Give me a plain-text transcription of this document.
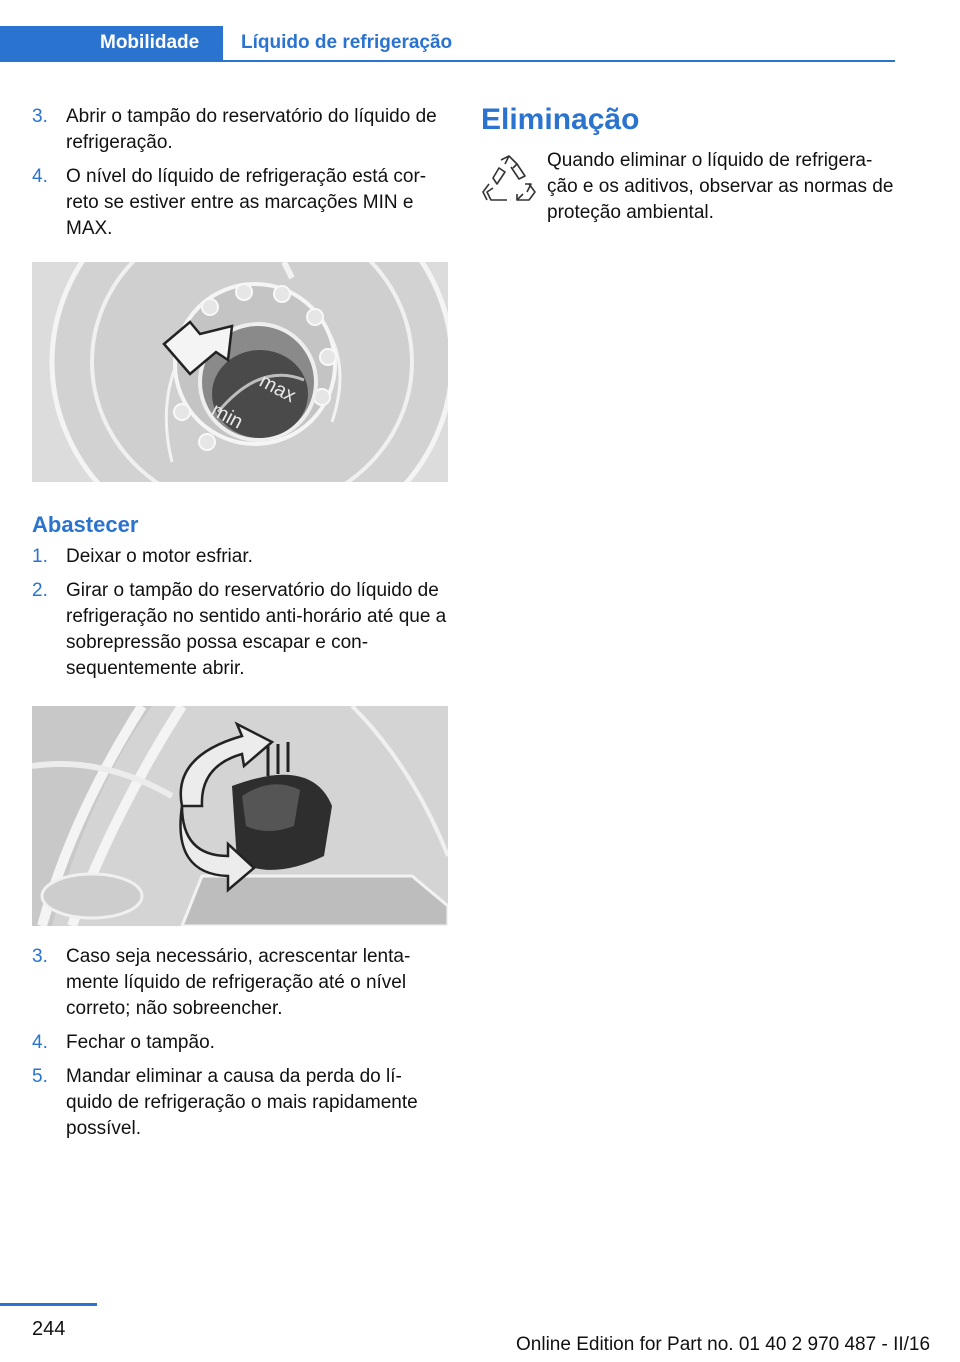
Mobilidade Líquido de refrigeração
3. Abrir o tampão do reservatório do líquido de refrigeração.
4. O nível do líquido de refrigeração está cor‐reto se estiver entre as marcações MIN e MAX.
max
min
Abastecer
1. Deixar o motor esfriar.
2. Girar o tampão do reservatório do líquido de refrigeração no sentido anti-horário até que a sobrepressão possa escapar e con‐sequentemente abrir.
3. Caso seja necessário, acrescentar lenta‐mente líquido de refrigeração até o nível correto; não sobreencher.
4. Fechar o tampão.
5. Mandar eliminar a causa da perda do lí‐quido de refrigeração o mais rapidamente possível.
Eliminação
Quando eliminar o líquido de refrigera‐ção e os aditivos, observar as normas de proteção ambiental.
244
Online Edition for Part no. 01 40 2 970 487 - II/16
